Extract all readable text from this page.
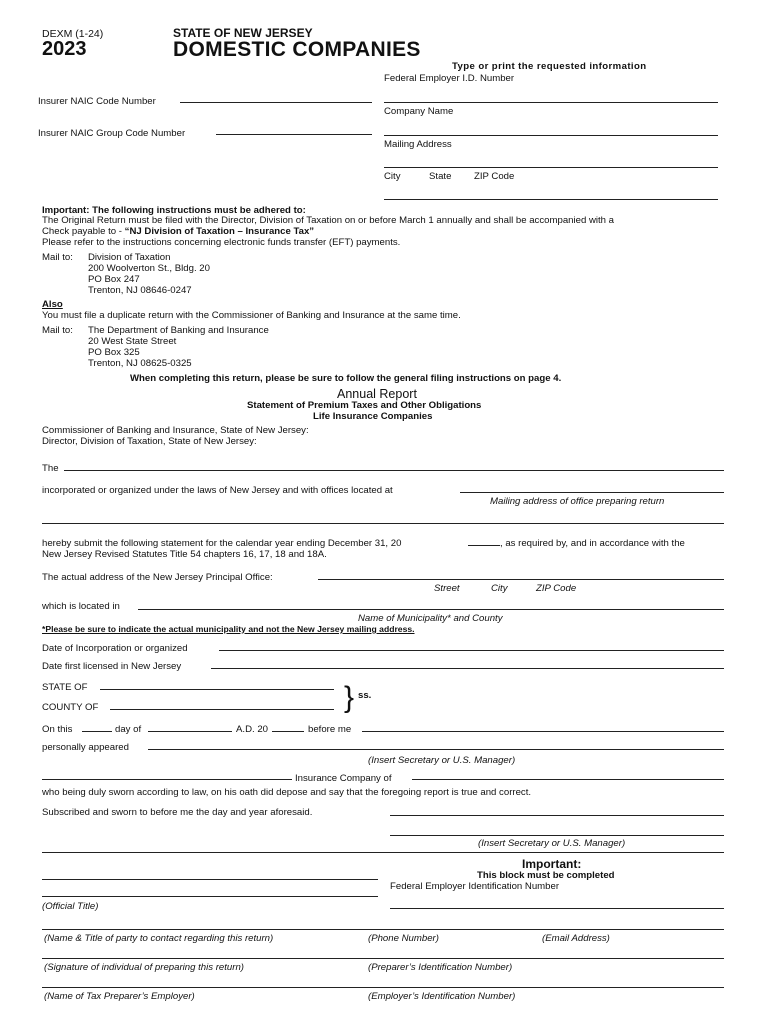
DEXM (1-24)
2023
STATE OF NEW JERSEY
DOMESTIC COMPANIES
Type or print the requested information
Federal Employer I.D. Number
Company Name
Insurer NAIC Code Number
Insurer NAIC Group Code Number
Mailing Address
City	State ZIP Code
Important: The following instructions must be adhered to:
The Original Return must be filed with the Director, Division of Taxation on or before March 1 annually and shall be accompanied with a
Check payable to - “NJ Division of Taxation – Insurance Tax”
Please refer to the instructions concerning electronic funds transfer (EFT) payments.
Mail to: Division of Taxation
200 Woolverton St., Bldg. 20
PO Box 247
Trenton, NJ 08646-0247
Also
You must file a duplicate return with the Commissioner of Banking and Insurance at the same time.
Mail to: The Department of Banking and Insurance
20 West State Street
PO Box 325
Trenton, NJ 08625-0325
When completing this return, please be sure to follow the general filing instructions on page 4.
Annual Report
Statement of Premium Taxes and Other Obligations
Life Insurance Companies
Commissioner of Banking and Insurance, State of New Jersey:
Director, Division of Taxation, State of New Jersey:
The
incorporated or organized under the laws of New Jersey and with offices located at
Mailing address of office preparing return
hereby submit the following statement for the calendar year ending December 31, 20	, as required by, and in accordance with the
New Jersey Revised Statutes Title 54 chapters 16, 17, 18 and 18A.
The actual address of the New Jersey Principal Office:
Street	City	ZIP Code
which is located in
Name of Municipality* and County
*Please be sure to indicate the actual municipality and not the New Jersey mailing address.
Date of Incorporation or organized
Date first licensed in New Jersey
STATE OF
COUNTY OF	} ss.
On this	day of	A.D. 20	before me
personally appeared
(Insert Secretary or U.S. Manager)
Insurance Company of
who being duly sworn according to law, on his oath did depose and say that the foregoing report is true and correct.
Subscribed and sworn to before me the day and year aforesaid.
(Insert Secretary or U.S. Manager)
Important:
This block must be completed
Federal Employer Identification Number
(Official Title)
(Name & Title of party to contact regarding this return)	(Phone Number)	(Email Address)
(Signature of individual of preparing this return)	(Preparer’s Identification Number)
(Name of Tax Preparer’s Employer)	(Employer’s Identification Number)
